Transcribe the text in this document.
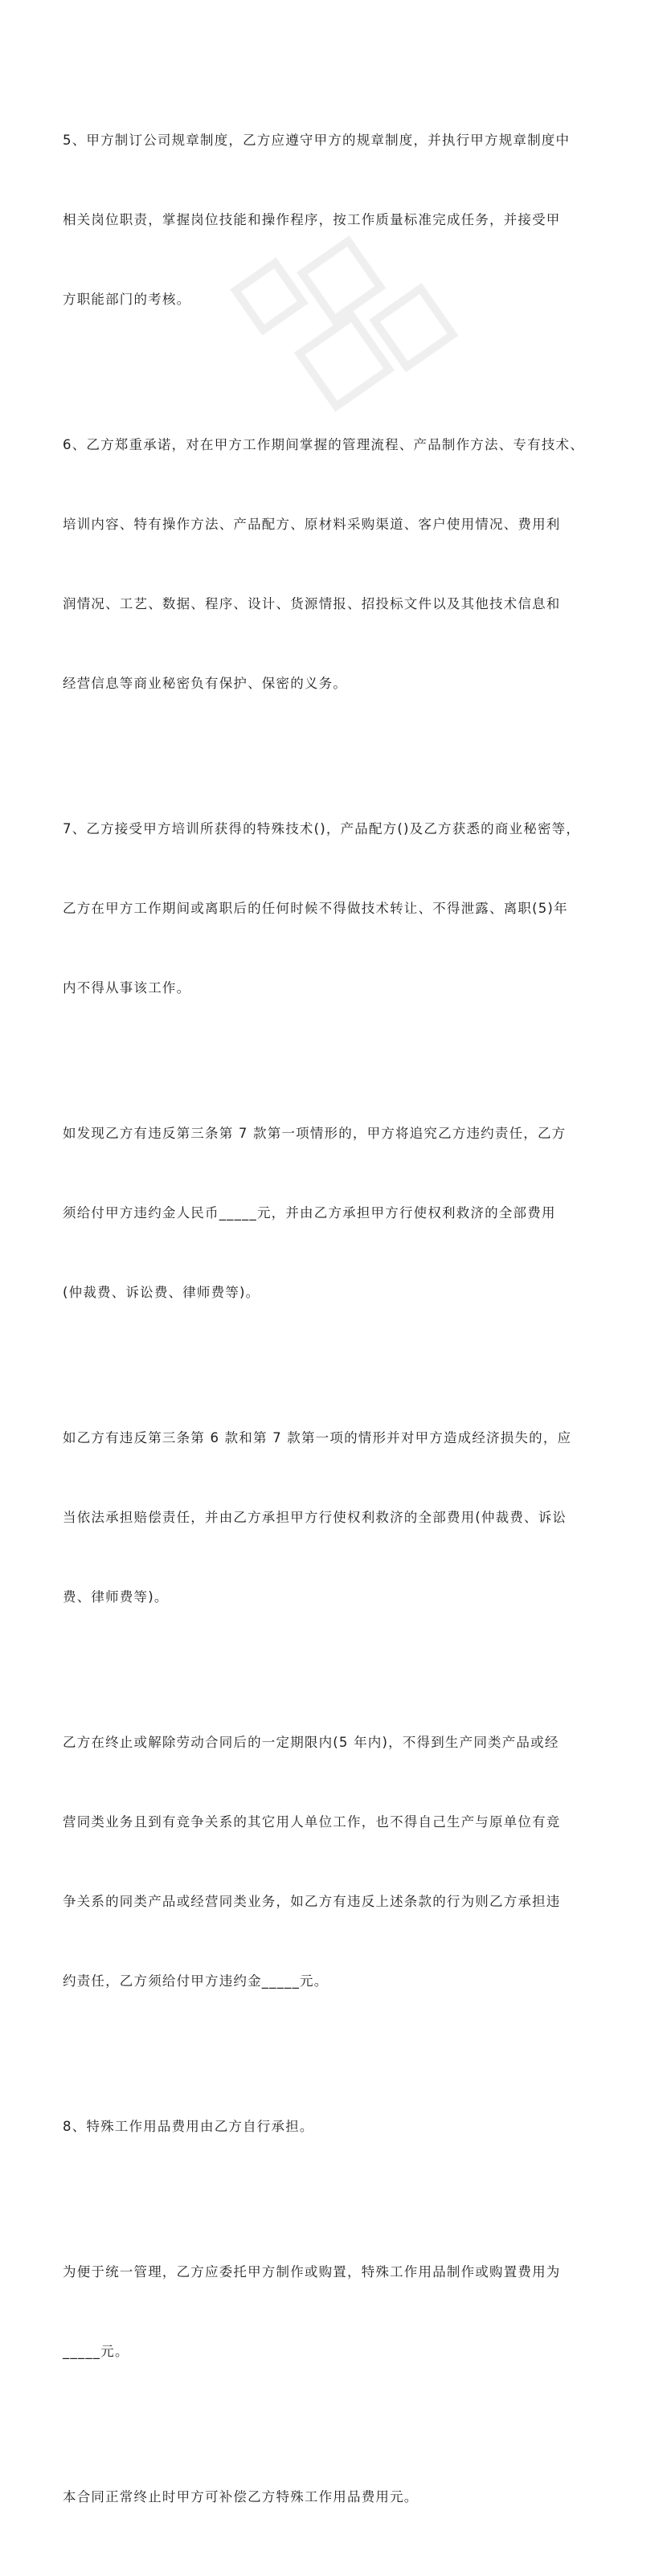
5、甲方制订公司规章制度，乙方应遵守甲方的规章制度，并执行甲方规章制度中

相关岗位职责，掌握岗位技能和操作程序，按工作质量标准完成任务，并接受甲

方职能部门的考核。

6、乙方郑重承诺，对在甲方工作期间掌握的管理流程、产品制作方法、专有技术、

培训内容、特有操作方法、产品配方、原材料采购渠道、客户使用情况、费用利

润情况、工艺、数据、程序、设计、货源情报、招投标文件以及其他技术信息和

经营信息等商业秘密负有保护、保密的义务。

7、乙方接受甲方培训所获得的特殊技术()，产品配方()及乙方获悉的商业秘密等，

乙方在甲方工作期间或离职后的任何时候不得做技术转让、不得泄露、离职(5)年

内不得从事该工作。

如发现乙方有违反第三条第 7 款第一项情形的，甲方将追究乙方违约责任，乙方

须给付甲方违约金人民币_____元，并由乙方承担甲方行使权利救济的全部费用

(仲裁费、诉讼费、律师费等)。

如乙方有违反第三条第 6 款和第 7 款第一项的情形并对甲方造成经济损失的，应

当依法承担赔偿责任，并由乙方承担甲方行使权利救济的全部费用(仲裁费、诉讼

费、律师费等)。

乙方在终止或解除劳动合同后的一定期限内(5 年内)，不得到生产同类产品或经

营同类业务且到有竞争关系的其它用人单位工作，也不得自己生产与原单位有竞

争关系的同类产品或经营同类业务，如乙方有违反上述条款的行为则乙方承担违

约责任，乙方须给付甲方违约金_____元。

8、特殊工作用品费用由乙方自行承担。

为便于统一管理，乙方应委托甲方制作或购置，特殊工作用品制作或购置费用为

_____元。

本合同正常终止时甲方可补偿乙方特殊工作用品费用元。
